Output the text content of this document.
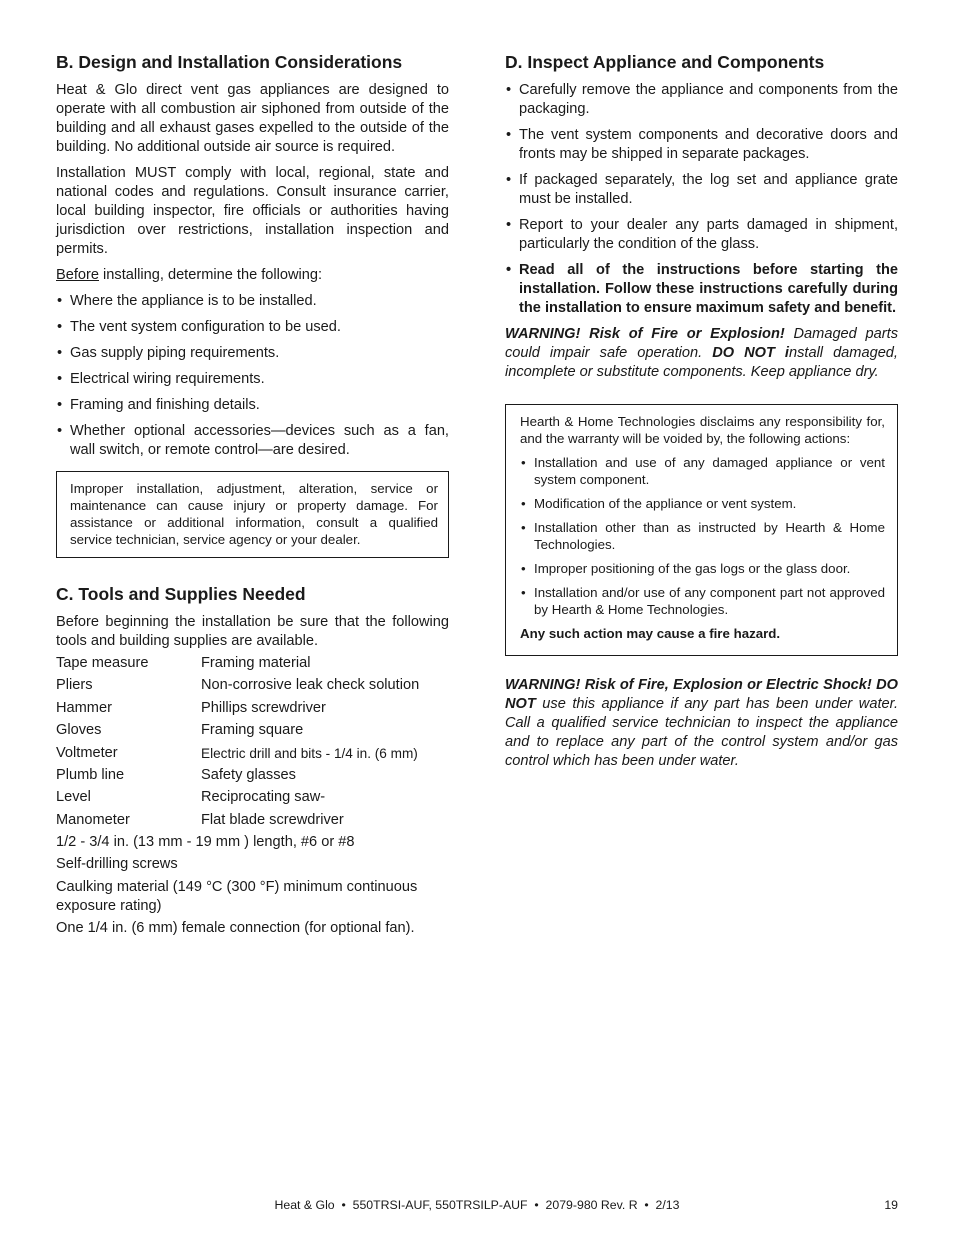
B. Design and Installation Considerations

Heat & Glo direct vent gas appliances are designed to operate with all combustion air siphoned from outside of the building and all exhaust gases expelled to the outside of the building. No additional outside air source is required.

Installation MUST comply with local, regional, state and national codes and regulations. Consult insurance carrier, local building inspector, fire officials or authorities having jurisdiction over restrictions, installation inspection and permits.

Before installing, determine the following:

• Where the appliance is to be installed.
• The vent system configuration to be used.
• Gas supply piping requirements.
• Electrical wiring requirements.
• Framing and finishing details.
• Whether optional accessories—devices such as a fan, wall switch, or remote control—are desired.

Improper installation, adjustment, alteration, service or maintenance can cause injury or property damage. For assistance or additional information, consult a qualified service technician, service agency or your dealer.

C. Tools and Supplies Needed

Before beginning the installation be sure that the following tools and building supplies are available.

Tape measure	Framing material
Pliers	Non-corrosive leak check solution
Hammer	Phillips screwdriver
Gloves	Framing square
Voltmeter	Electric drill and bits - 1/4 in. (6 mm)
Plumb line	Safety glasses
Level	Reciprocating saw-
Manometer	Flat blade screwdriver

1/2 - 3/4 in. (13 mm - 19 mm ) length, #6 or #8

Self-drilling screws

Caulking material (149 °C (300 °F) minimum continuous exposure rating)

One 1/4 in. (6 mm) female connection (for optional fan).

D. Inspect Appliance and Components
• Carefully remove the appliance and components from the packaging.
• The vent system components and decorative doors and fronts may be shipped in separate packages.
• If packaged separately, the log set and appliance grate must be installed.
• Report to your dealer any parts damaged in shipment, particularly the condition of the glass.
• Read all of the instructions before starting the installation. Follow these instructions carefully during the installation to ensure maximum safety and benefit.

WARNING! Risk of Fire or Explosion! Damaged parts could impair safe operation. DO NOT install damaged, incomplete or substitute components. Keep appliance dry.

Hearth & Home Technologies disclaims any responsibility for, and the warranty will be voided by, the following actions:

• Installation and use of any damaged appliance or vent system component.
• Modification of the appliance or vent system.
• Installation other than as instructed by Hearth & Home Technologies.
• Improper positioning of the gas logs or the glass door.
• Installation and/or use of any component part not approved by Hearth & Home Technologies.

Any such action may cause a fire hazard.

WARNING! Risk of Fire, Explosion or Electric Shock! DO NOT use this appliance if any part has been under water. Call a qualified service technician to inspect the appliance and to replace any part of the control system and/or gas control which has been under water.

Heat & Glo  •  550TRSI-AUF, 550TRSILP-AUF  •  2079-980 Rev. R  •  2/13	19
